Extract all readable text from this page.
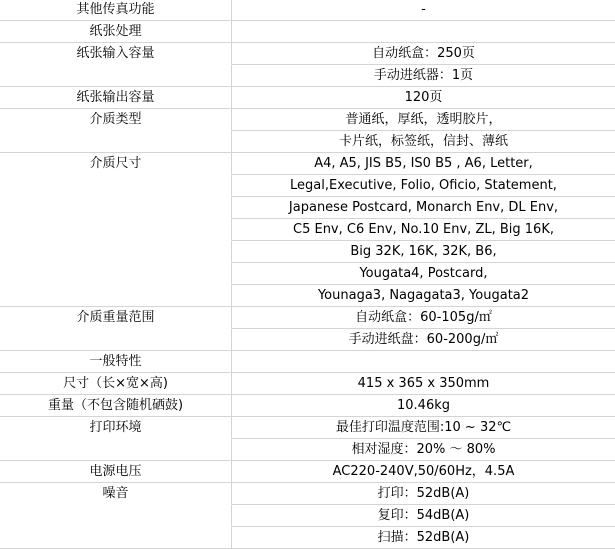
其他传真功能	-
纸张处理
纸张输入容量	自动纸盒：250页
手动进纸器：1页
纸张输出容量	120页
介质类型	普通纸，厚纸，透明胶片，
卡片纸，标签纸，信封、薄纸
介质尺寸	A4, A5, JIS B5, IS0 B5 , A6, Letter,
Legal,Executive, Folio, Oficio, Statement,
Japanese Postcard, Monarch Env, DL Env,
C5 Env, C6 Env, No.10 Env, ZL, Big 16K,
Big 32K, 16K, 32K, B6,
Yougata4, Postcard,
Younaga3, Nagagata3, Yougata2
介质重量范围	自动纸盒：60-105g/㎡
手动进纸盘：60-200g/㎡
一般特性
尺寸（长×宽×高)	415 x 365 x 350mm
重量（不包含随机硒鼓)	10.46kg
打印环境	最佳打印温度范围:10 ~ 32℃
相对湿度：20% ～ 80%
电源电压	AC220-240V,50/60Hz，4.5A
噪音	打印：52dB(A)
复印：54dB(A)
扫描：52dB(A)
